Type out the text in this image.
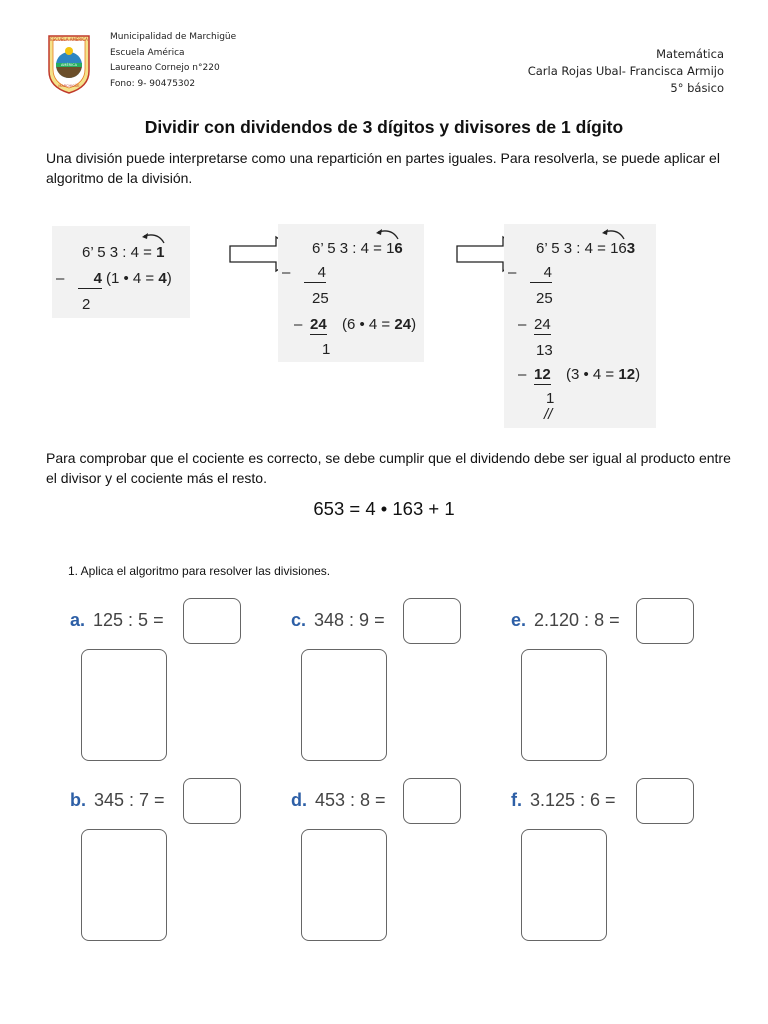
ESCUELA AMÉRICA
AMÉRICA
MARCHIGÜE
Municipalidad de Marchigüe
Escuela América
Laureano Cornejo n°220
Fono: 9- 90475302
Matemática
Carla Rojas Ubal- Francisca Armijo
5° básico
Dividir con dividendos de 3 dígitos y divisores de 1 dígito
Una división puede interpretarse como una repartición en partes iguales. Para resolverla, se puede aplicar el algoritmo de la división.
6’ 5 3 : 4 = 1
–	4 (1 • 4 = 4)
2
6’ 5 3 : 4 = 16
–	4
25
– 24 (6 • 4 = 24)
1
6’ 5 3 : 4 = 163
–	4
25
– 24
13
– 12 (3 • 4 = 12)
1
//
Para comprobar que el cociente es correcto, se debe cumplir que el dividendo debe ser igual al producto entre el divisor y el cociente más el resto.
653 = 4 • 163 + 1
1. Aplica el algoritmo para resolver las divisiones.
a. 125 : 5 =	c. 348 : 9 =	e. 2.120 : 8 =
b. 345 : 7 =	d. 453 : 8 =	f. 3.125 : 6 =
